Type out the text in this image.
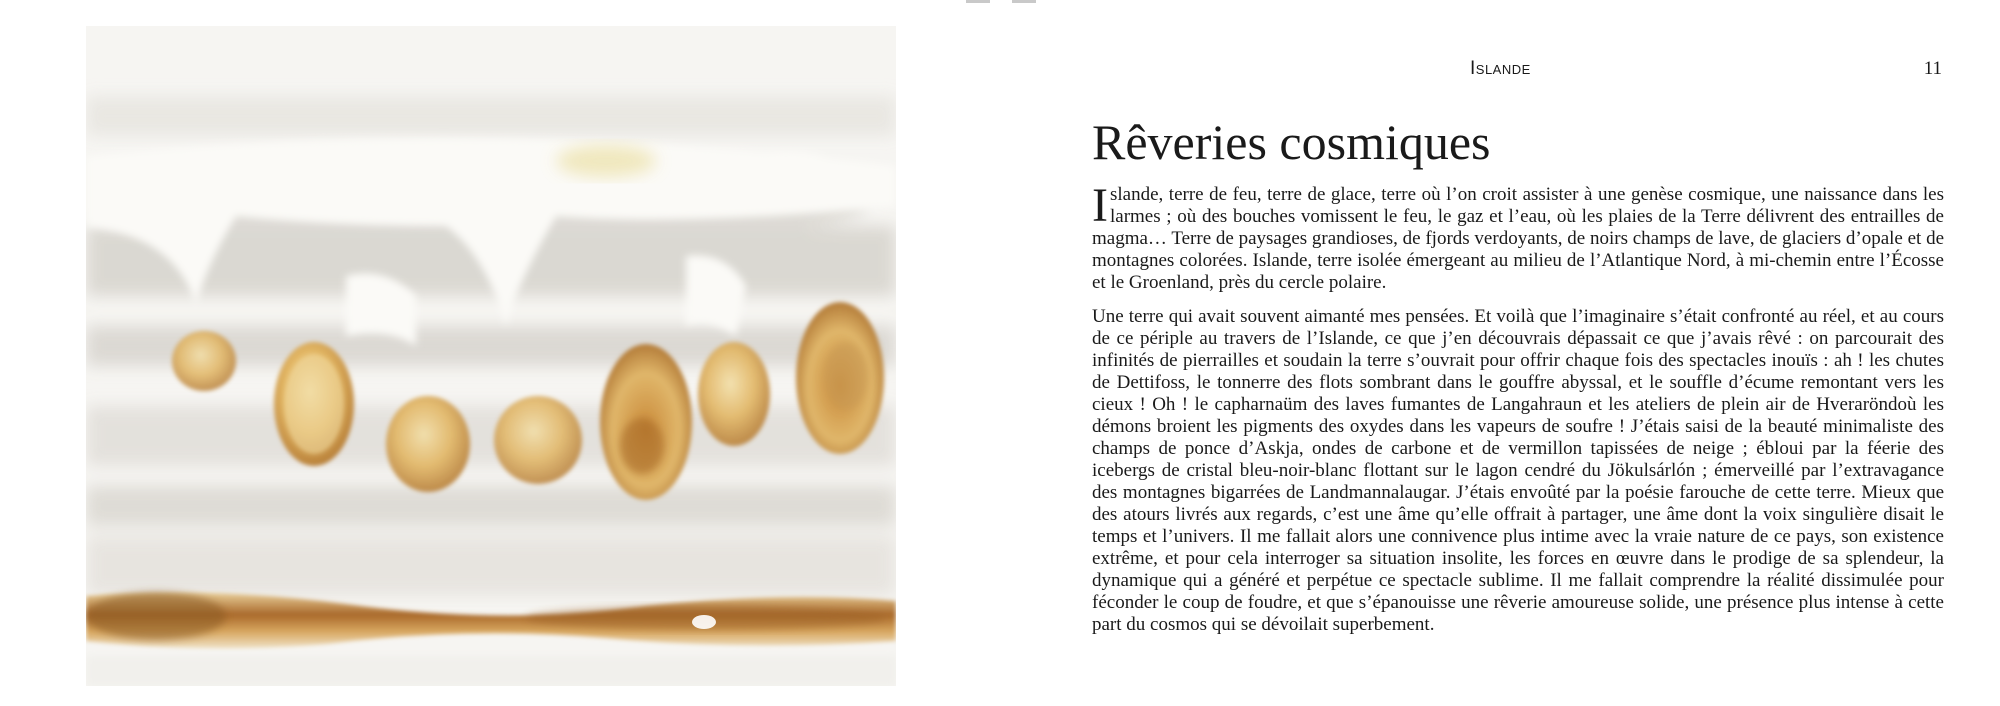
Islande	11
Rêveries cosmiques

Islande, terre de feu, terre de glace, terre où l’on croit assister à une genèse cosmique, une naissance dans les larmes ; où des bouches vomissent le feu, le gaz et l’eau, où les plaies de la Terre délivrent des entrailles de magma… Terre de paysages grandioses, de fjords verdoyants, de noirs champs de lave, de glaciers d’opale et de montagnes colorées. Islande, terre isolée émergeant au milieu de l’Atlantique Nord, à mi-chemin entre l’Écosse et le Groenland, près du cercle polaire.

Une terre qui avait souvent aimanté mes pensées. Et voilà que l’imaginaire s’était confronté au réel, et au cours de ce périple au travers de l’Islande, ce que j’en découvrais dépassait ce que j’avais rêvé : on parcourait des infinités de pierrailles et soudain la terre s’ouvrait pour offrir chaque fois des spectacles inouïs : ah ! les chutes de Dettifoss, le tonnerre des flots sombrant dans le gouffre abyssal, et le souffle d’écume remontant vers les cieux ! Oh ! le capharnaüm des laves fumantes de Langahraun et les ateliers de plein air de Hveraröndoù les démons broient les pigments des oxydes dans les vapeurs de soufre ! J’étais saisi de la beauté minimaliste des champs de ponce d’Askja, ondes de carbone et de vermillon tapissées de neige ; ébloui par la féerie des icebergs de cristal bleu-noir-blanc flottant sur le lagon cendré du Jökulsárlón ; émerveillé par l’extravagance des montagnes bigarrées de Landmannalaugar. J’étais envoûté par la poésie farouche de cette terre. Mieux que des atours livrés aux regards, c’est une âme qu’elle offrait à partager, une âme dont la voix singulière disait le temps et l’univers. Il me fallait alors une connivence plus intime avec la vraie nature de ce pays, son existence extrême, et pour cela interroger sa situation insolite, les forces en œuvre dans le prodige de sa splendeur, la dynamique qui a généré et perpétue ce spectacle sublime. Il me fallait comprendre la réalité dissimulée pour féconder le coup de foudre, et que s’épanouisse une rêverie amoureuse solide, une présence plus intense à cette part du cosmos qui se dévoilait superbement.
